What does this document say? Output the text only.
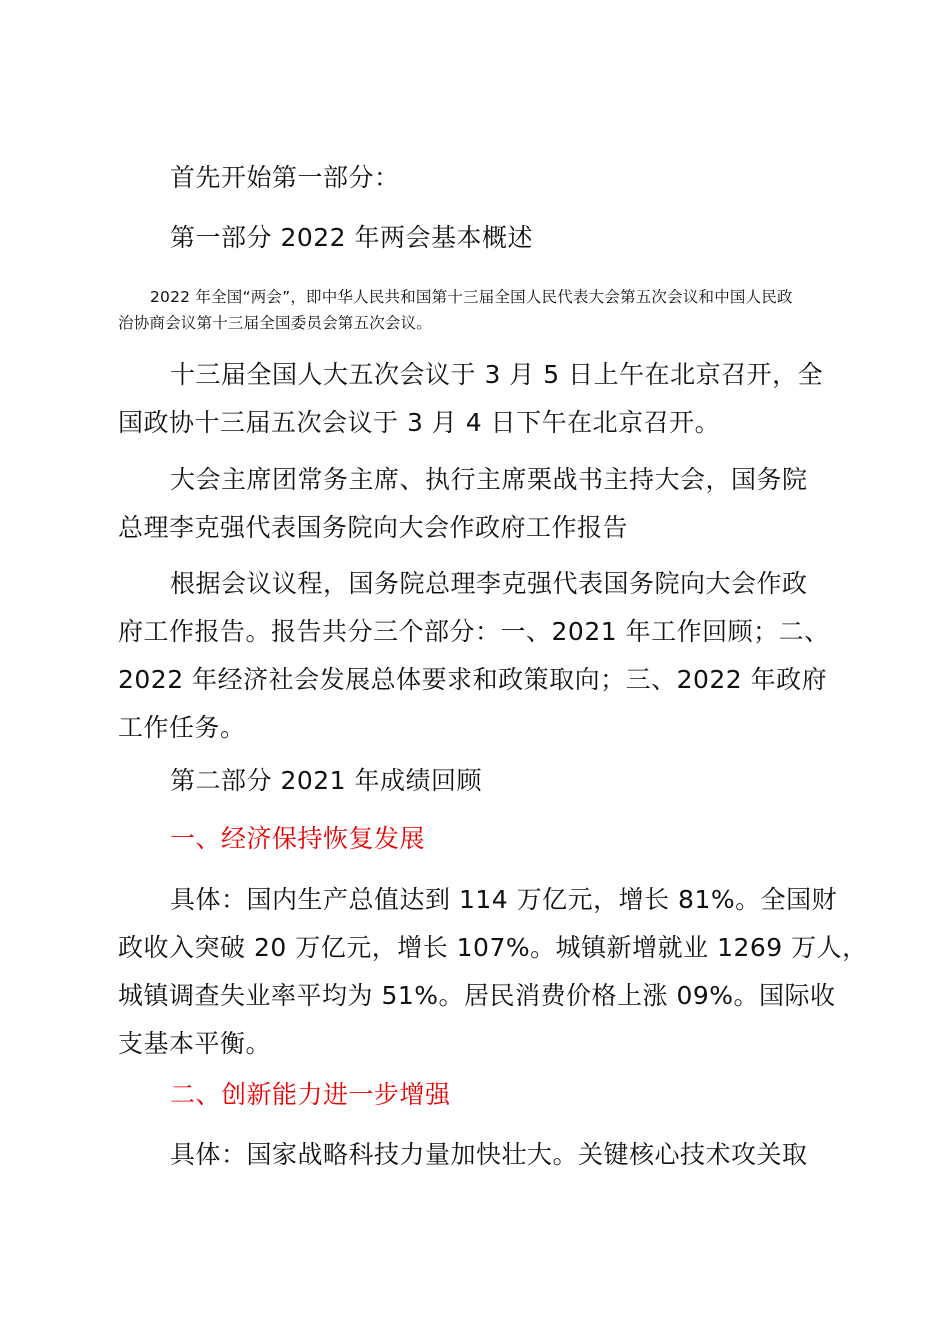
首先开始第一部分：

第一部分 2022 年两会基本概述

2022 年全国“两会”，即中华人民共和国第十三届全国人民代表大会第五次会议和中国人民政
治协商会议第十三届全国委员会第五次会议。
十三届全国人大五次会议于 3 月 5 日上午在北京召开，全
国政协十三届五次会议于 3 月 4 日下午在北京召开。
大会主席团常务主席、执行主席栗战书主持大会，国务院
总理李克强代表国务院向大会作政府工作报告
根据会议议程，国务院总理李克强代表国务院向大会作政
府工作报告。报告共分三个部分：一、2021 年工作回顾；二、
2022 年经济社会发展总体要求和政策取向；三、2022 年政府
工作任务。

第二部分 2021 年成绩回顾

一、经济保持恢复发展

具体：国内生产总值达到 114 万亿元，增长 81%。全国财
政收入突破 20 万亿元，增长 107%。城镇新增就业 1269 万人，
城镇调查失业率平均为 51%。居民消费价格上涨 09%。国际收
支基本平衡。

二、创新能力进一步增强

具体：国家战略科技力量加快壮大。关键核心技术攻关取
